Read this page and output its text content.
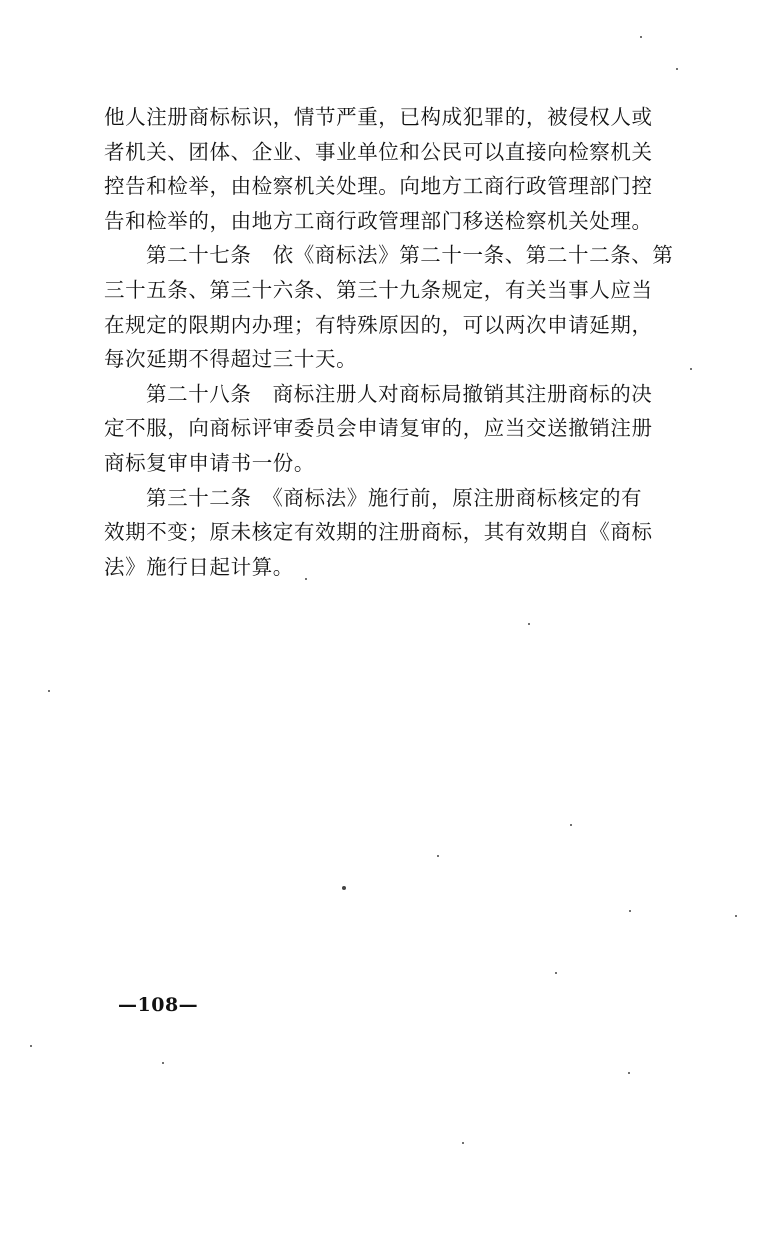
他人注册商标标识，情节严重，已构成犯罪的，被侵权人或
者机关、团体、企业、事业单位和公民可以直接向检察机关
控告和检举，由检察机关处理。向地方工商行政管理部门控
告和检举的，由地方工商行政管理部门移送检察机关处理。
第二十七条　依《商标法》第二十一条、第二十二条、第
三十五条、第三十六条、第三十九条规定，有关当事人应当
在规定的限期内办理；有特殊原因的，可以两次申请延期，
每次延期不得超过三十天。
第二十八条　商标注册人对商标局撤销其注册商标的决
定不服，向商标评审委员会申请复审的，应当交送撤销注册
商标复审申请书一份。
第三十二条　《商标法》施行前，原注册商标核定的有
效期不变；原未核定有效期的注册商标，其有效期自《商标
法》施行日起计算。
—108—
